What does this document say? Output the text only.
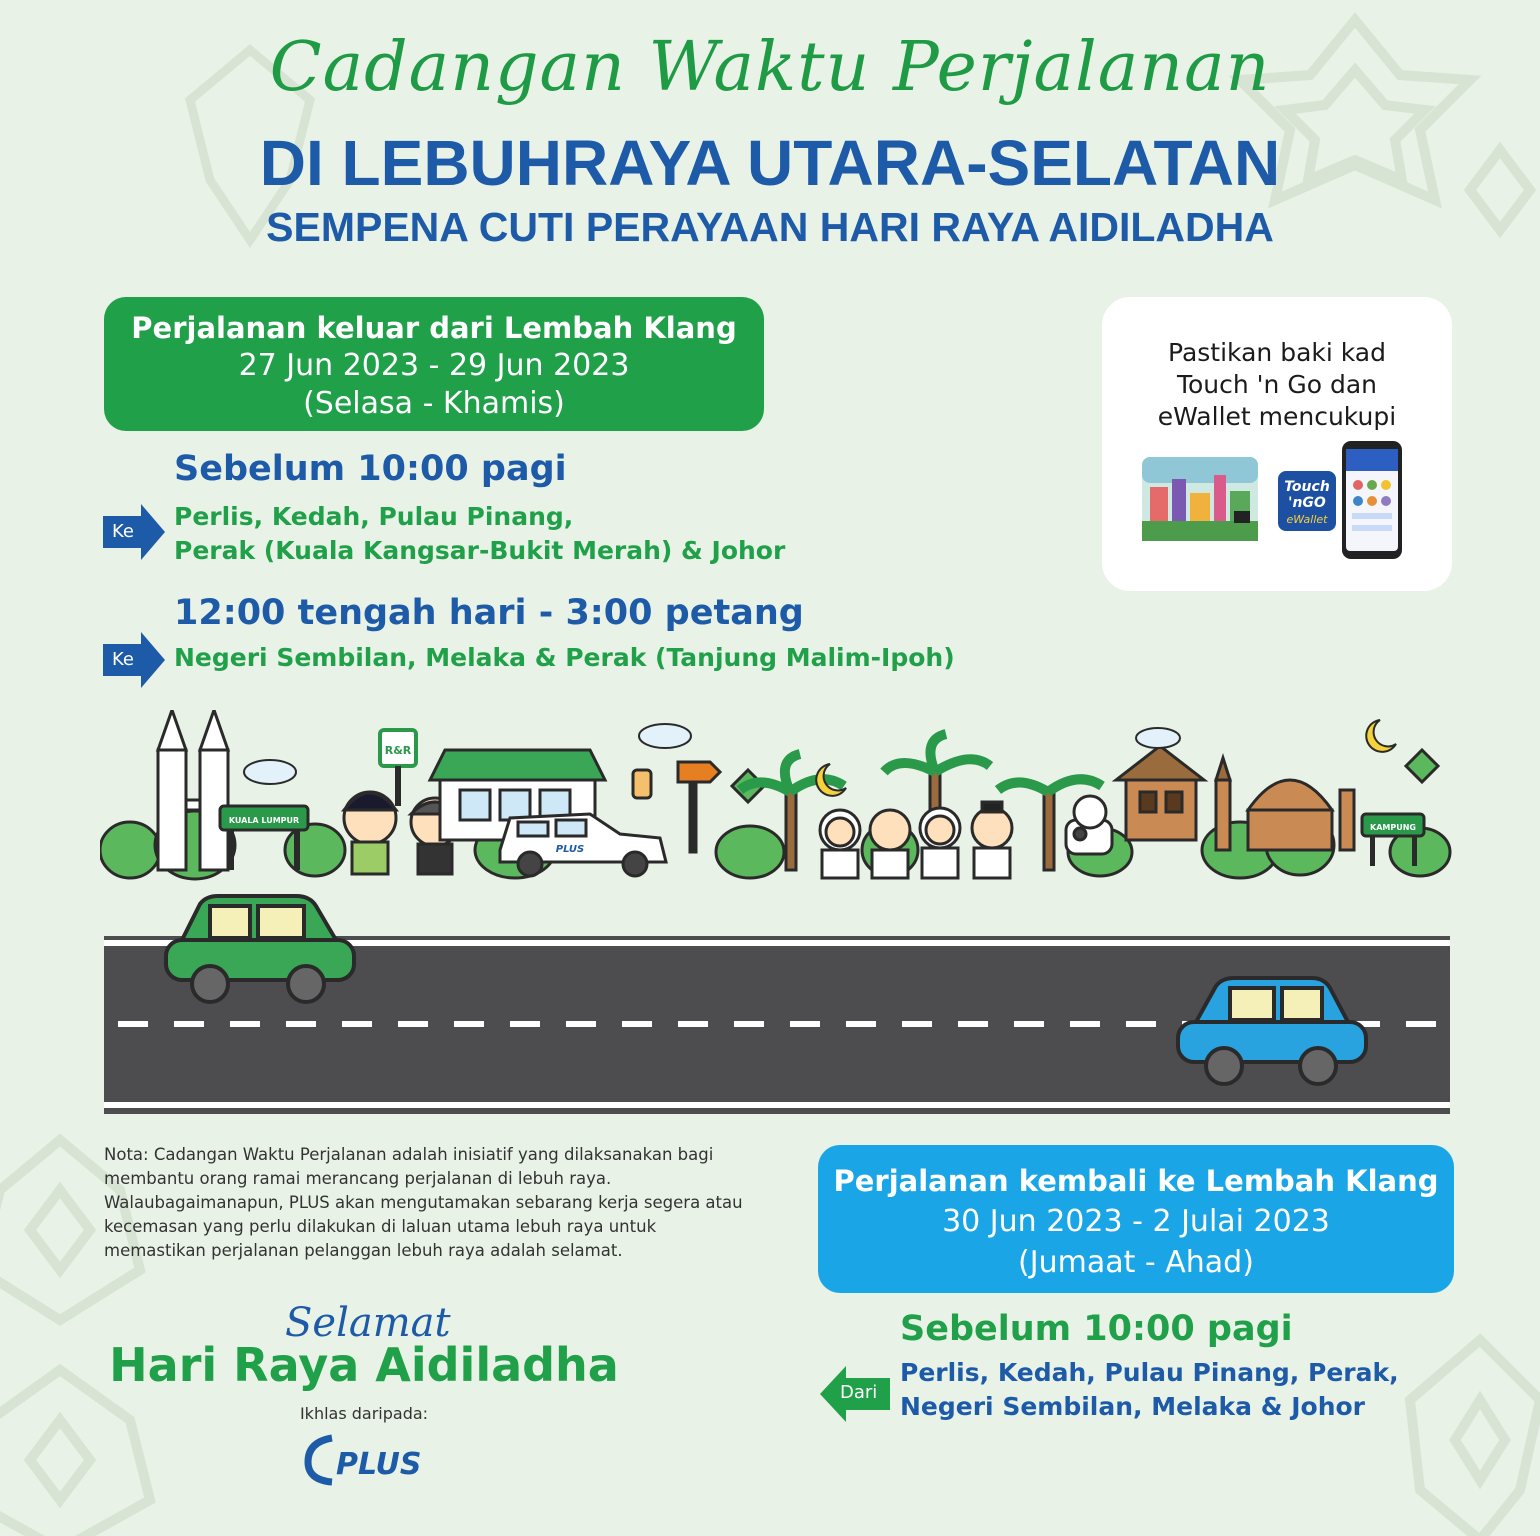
Cadangan Waktu Perjalanan
DI LEBUHRAYA UTARA-SELATAN
SEMPENA CUTI PERAYAAN HARI RAYA AIDILADHA
Perjalanan keluar dari Lembah Klang
27 Jun 2023 - 29 Jun 2023
(Selasa - Khamis)
Sebelum 10:00 pagi
Ke
Perlis, Kedah, Pulau Pinang,
Perak (Kuala Kangsar-Bukit Merah) & Johor
12:00 tengah hari - 3:00 petang
Ke Negeri Sembilan, Melaka & Perak (Tanjung Malim-Ipoh)
Pastikan baki kad
Touch 'n Go dan
eWallet mencukupi
Touch
'nGO
eWallet
KUALA LUMPUR
R&R
PLUS
KAMPUNG
Nota: Cadangan Waktu Perjalanan adalah inisiatif yang dilaksanakan bagi membantu orang ramai merancang perjalanan di lebuh raya. Walaubagaimanapun, PLUS akan mengutamakan sebarang kerja segera atau kecemasan yang perlu dilakukan di laluan utama lebuh raya untuk memastikan perjalanan pelanggan lebuh raya adalah selamat.
Selamat
Hari Raya Aidiladha
Ikhlas daripada:
PLUS
Perjalanan kembali ke Lembah Klang
30 Jun 2023 - 2 Julai 2023
(Jumaat - Ahad)
Sebelum 10:00 pagi
Dari
Perlis, Kedah, Pulau Pinang, Perak,
Negeri Sembilan, Melaka & Johor
